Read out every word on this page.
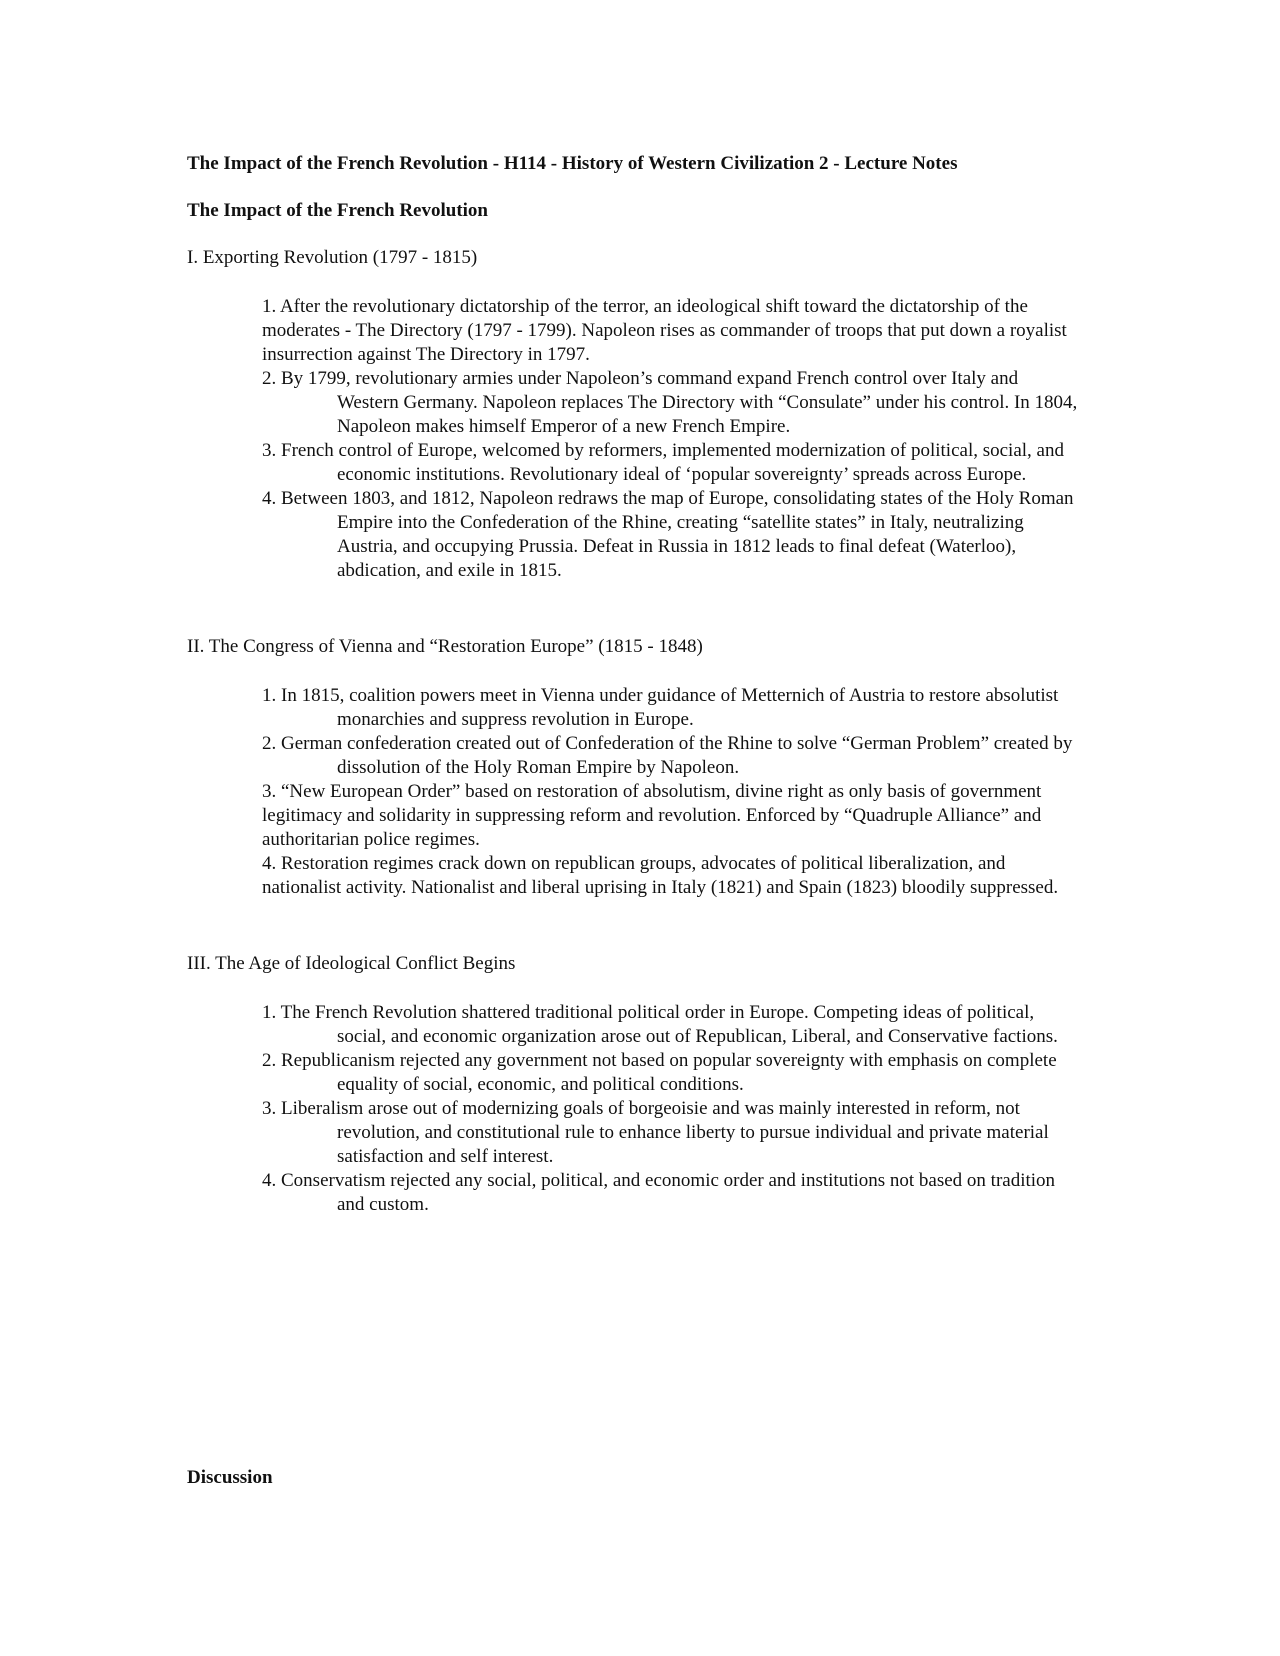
The Impact of the French Revolution - H114 - History of Western Civilization 2 - Lecture Notes
The Impact of the French Revolution
I. Exporting Revolution (1797 - 1815)

1. After the revolutionary dictatorship of the terror, an ideological shift toward the dictatorship of the moderates - The Directory (1797 - 1799). Napoleon rises as commander of troops that put down a royalist insurrection against The Directory in 1797.

2. By 1799, revolutionary armies under Napoleon’s command expand French control over Italy and Western Germany. Napoleon replaces The Directory with “Consulate” under his control. In 1804, Napoleon makes himself Emperor of a new French Empire.

3. French control of Europe, welcomed by reformers, implemented modernization of political, social, and economic institutions. Revolutionary ideal of ‘popular sovereignty’ spreads across Europe.

4. Between 1803, and 1812, Napoleon redraws the map of Europe, consolidating states of the Holy Roman Empire into the Confederation of the Rhine, creating “satellite states” in Italy, neutralizing Austria, and occupying Prussia. Defeat in Russia in 1812 leads to final defeat (Waterloo), abdication, and exile in 1815.

II. The Congress of Vienna and “Restoration Europe” (1815 - 1848)

1. In 1815, coalition powers meet in Vienna under guidance of Metternich of Austria to restore absolutist monarchies and suppress revolution in Europe.

2. German confederation created out of Confederation of the Rhine to solve “German Problem” created by dissolution of the Holy Roman Empire by Napoleon.

3. “New European Order” based on restoration of absolutism, divine right as only basis of government legitimacy and solidarity in suppressing reform and revolution. Enforced by “Quadruple Alliance” and authoritarian police regimes.

4. Restoration regimes crack down on republican groups, advocates of political liberalization, and nationalist activity. Nationalist and liberal uprising in Italy (1821) and Spain (1823) bloodily suppressed.

III. The Age of Ideological Conflict Begins

1. The French Revolution shattered traditional political order in Europe. Competing ideas of political, social, and economic organization arose out of Republican, Liberal, and Conservative factions.

2. Republicanism rejected any government not based on popular sovereignty with emphasis on complete equality of social, economic, and political conditions.

3. Liberalism arose out of modernizing goals of borgeoisie and was mainly interested in reform, not revolution, and constitutional rule to enhance liberty to pursue individual and private material satisfaction and self interest.

4. Conservatism rejected any social, political, and economic order and institutions not based on tradition and custom.

Discussion
